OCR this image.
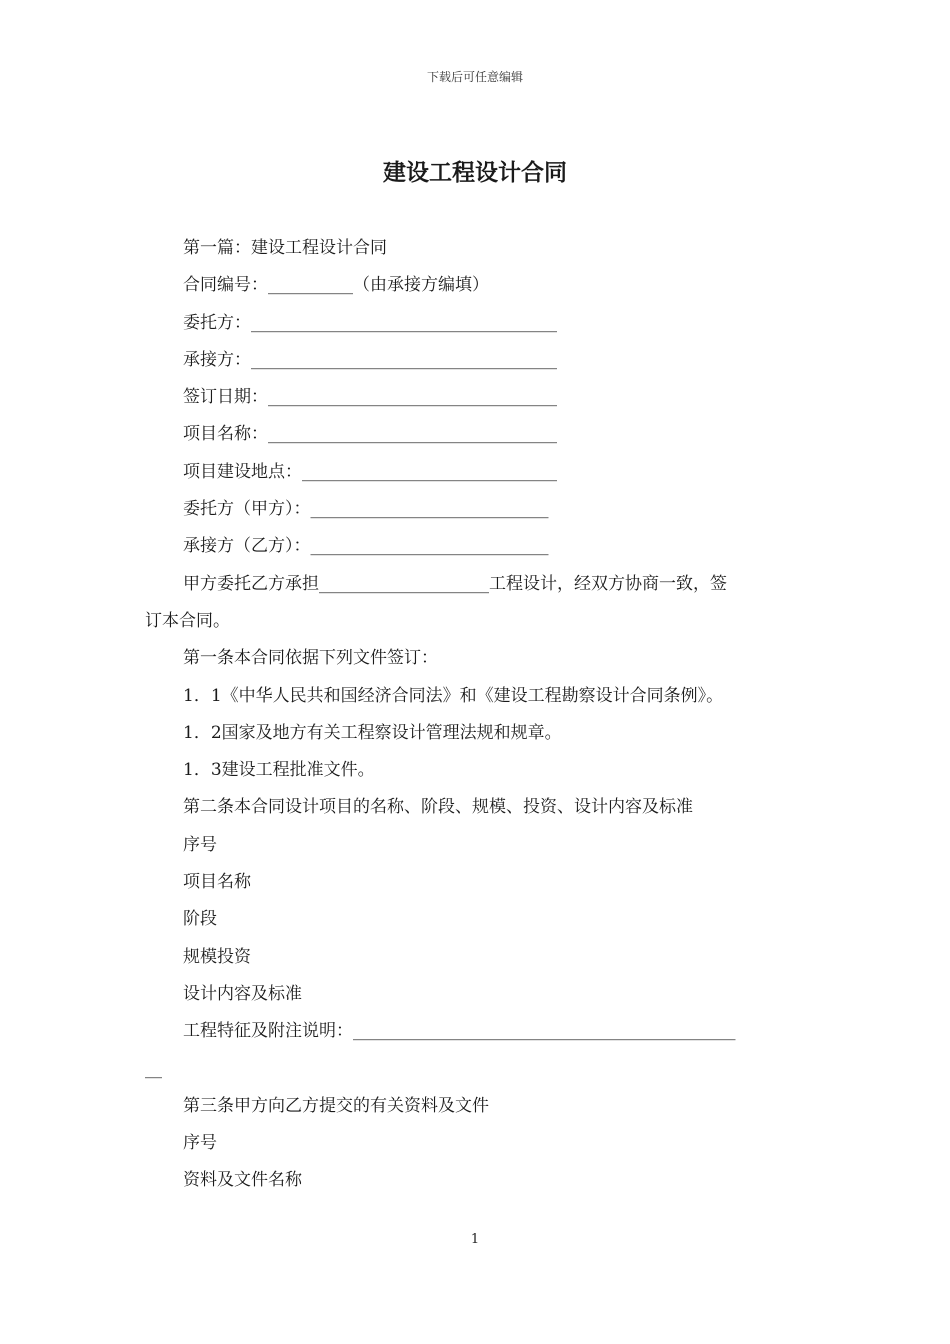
下载后可任意编辑
建设工程设计合同
第一篇：建设工程设计合同
合同编号：__________（由承接方编填）
委托方：____________________________________
承接方：____________________________________
签订日期：__________________________________
项目名称：__________________________________
项目建设地点：______________________________
委托方（甲方）：____________________________
承接方（乙方）：____________________________
甲方委托乙方承担____________________工程设计，经双方协商一致，签
订本合同。
第一条本合同依据下列文件签订：
1．1《中华人民共和国经济合同法》和《建设工程勘察设计合同条例》。
1．2国家及地方有关工程察设计管理法规和规章。
1．3建设工程批准文件。
第二条本合同设计项目的名称、阶段、规模、投资、设计内容及标准
序号
项目名称
阶段
规模投资
设计内容及标准
工程特征及附注说明：_____________________________________________
__
第三条甲方向乙方提交的有关资料及文件
序号
资料及文件名称
1
